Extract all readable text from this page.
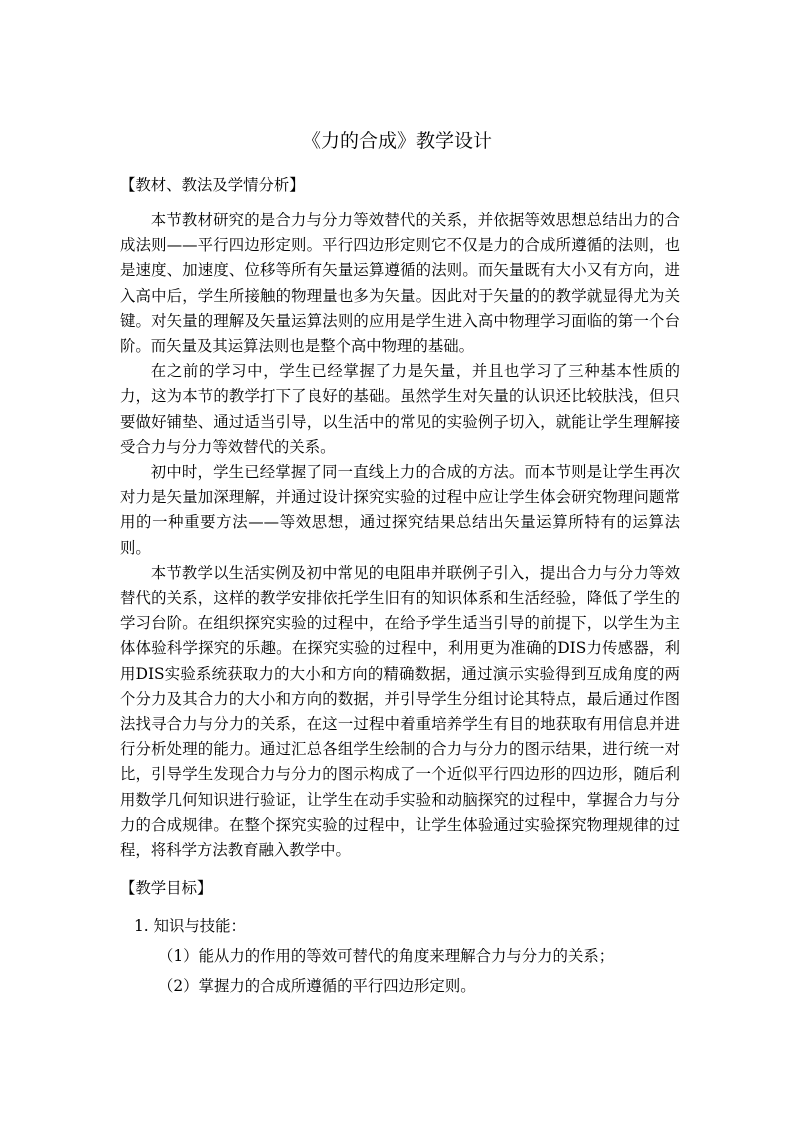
《力的合成》教学设计

【教材、教法及学情分析】

本节教材研究的是合力与分力等效替代的关系，并依据等效思想总结出力的合成法则——平行四边形定则。平行四边形定则它不仅是力的合成所遵循的法则，也是速度、加速度、位移等所有矢量运算遵循的法则。而矢量既有大小又有方向，进入高中后，学生所接触的物理量也多为矢量。因此对于矢量的的教学就显得尤为关键。对矢量的理解及矢量运算法则的应用是学生进入高中物理学习面临的第一个台阶。而矢量及其运算法则也是整个高中物理的基础。

在之前的学习中，学生已经掌握了力是矢量，并且也学习了三种基本性质的力，这为本节的教学打下了良好的基础。虽然学生对矢量的认识还比较肤浅，但只要做好铺垫、通过适当引导，以生活中的常见的实验例子切入，就能让学生理解接受合力与分力等效替代的关系。

初中时，学生已经掌握了同一直线上力的合成的方法。而本节则是让学生再次对力是矢量加深理解，并通过设计探究实验的过程中应让学生体会研究物理问题常用的一种重要方法——等效思想，通过探究结果总结出矢量运算所特有的运算法则。

本节教学以生活实例及初中常见的电阻串并联例子引入，提出合力与分力等效替代的关系，这样的教学安排依托学生旧有的知识体系和生活经验，降低了学生的学习台阶。在组织探究实验的过程中，在给予学生适当引导的前提下，以学生为主体体验科学探究的乐趣。在探究实验的过程中，利用更为准确的DIS力传感器，利用DIS实验系统获取力的大小和方向的精确数据，通过演示实验得到互成角度的两个分力及其合力的大小和方向的数据，并引导学生分组讨论其特点，最后通过作图法找寻合力与分力的关系，在这一过程中着重培养学生有目的地获取有用信息并进行分析处理的能力。通过汇总各组学生绘制的合力与分力的图示结果，进行统一对比，引导学生发现合力与分力的图示构成了一个近似平行四边形的四边形，随后利用数学几何知识进行验证，让学生在动手实验和动脑探究的过程中，掌握合力与分力的合成规律。在整个探究实验的过程中，让学生体验通过实验探究物理规律的过程，将科学方法教育融入教学中。

【教学目标】

1. 知识与技能：

（1）能从力的作用的等效可替代的角度来理解合力与分力的关系；

（2）掌握力的合成所遵循的平行四边形定则。
